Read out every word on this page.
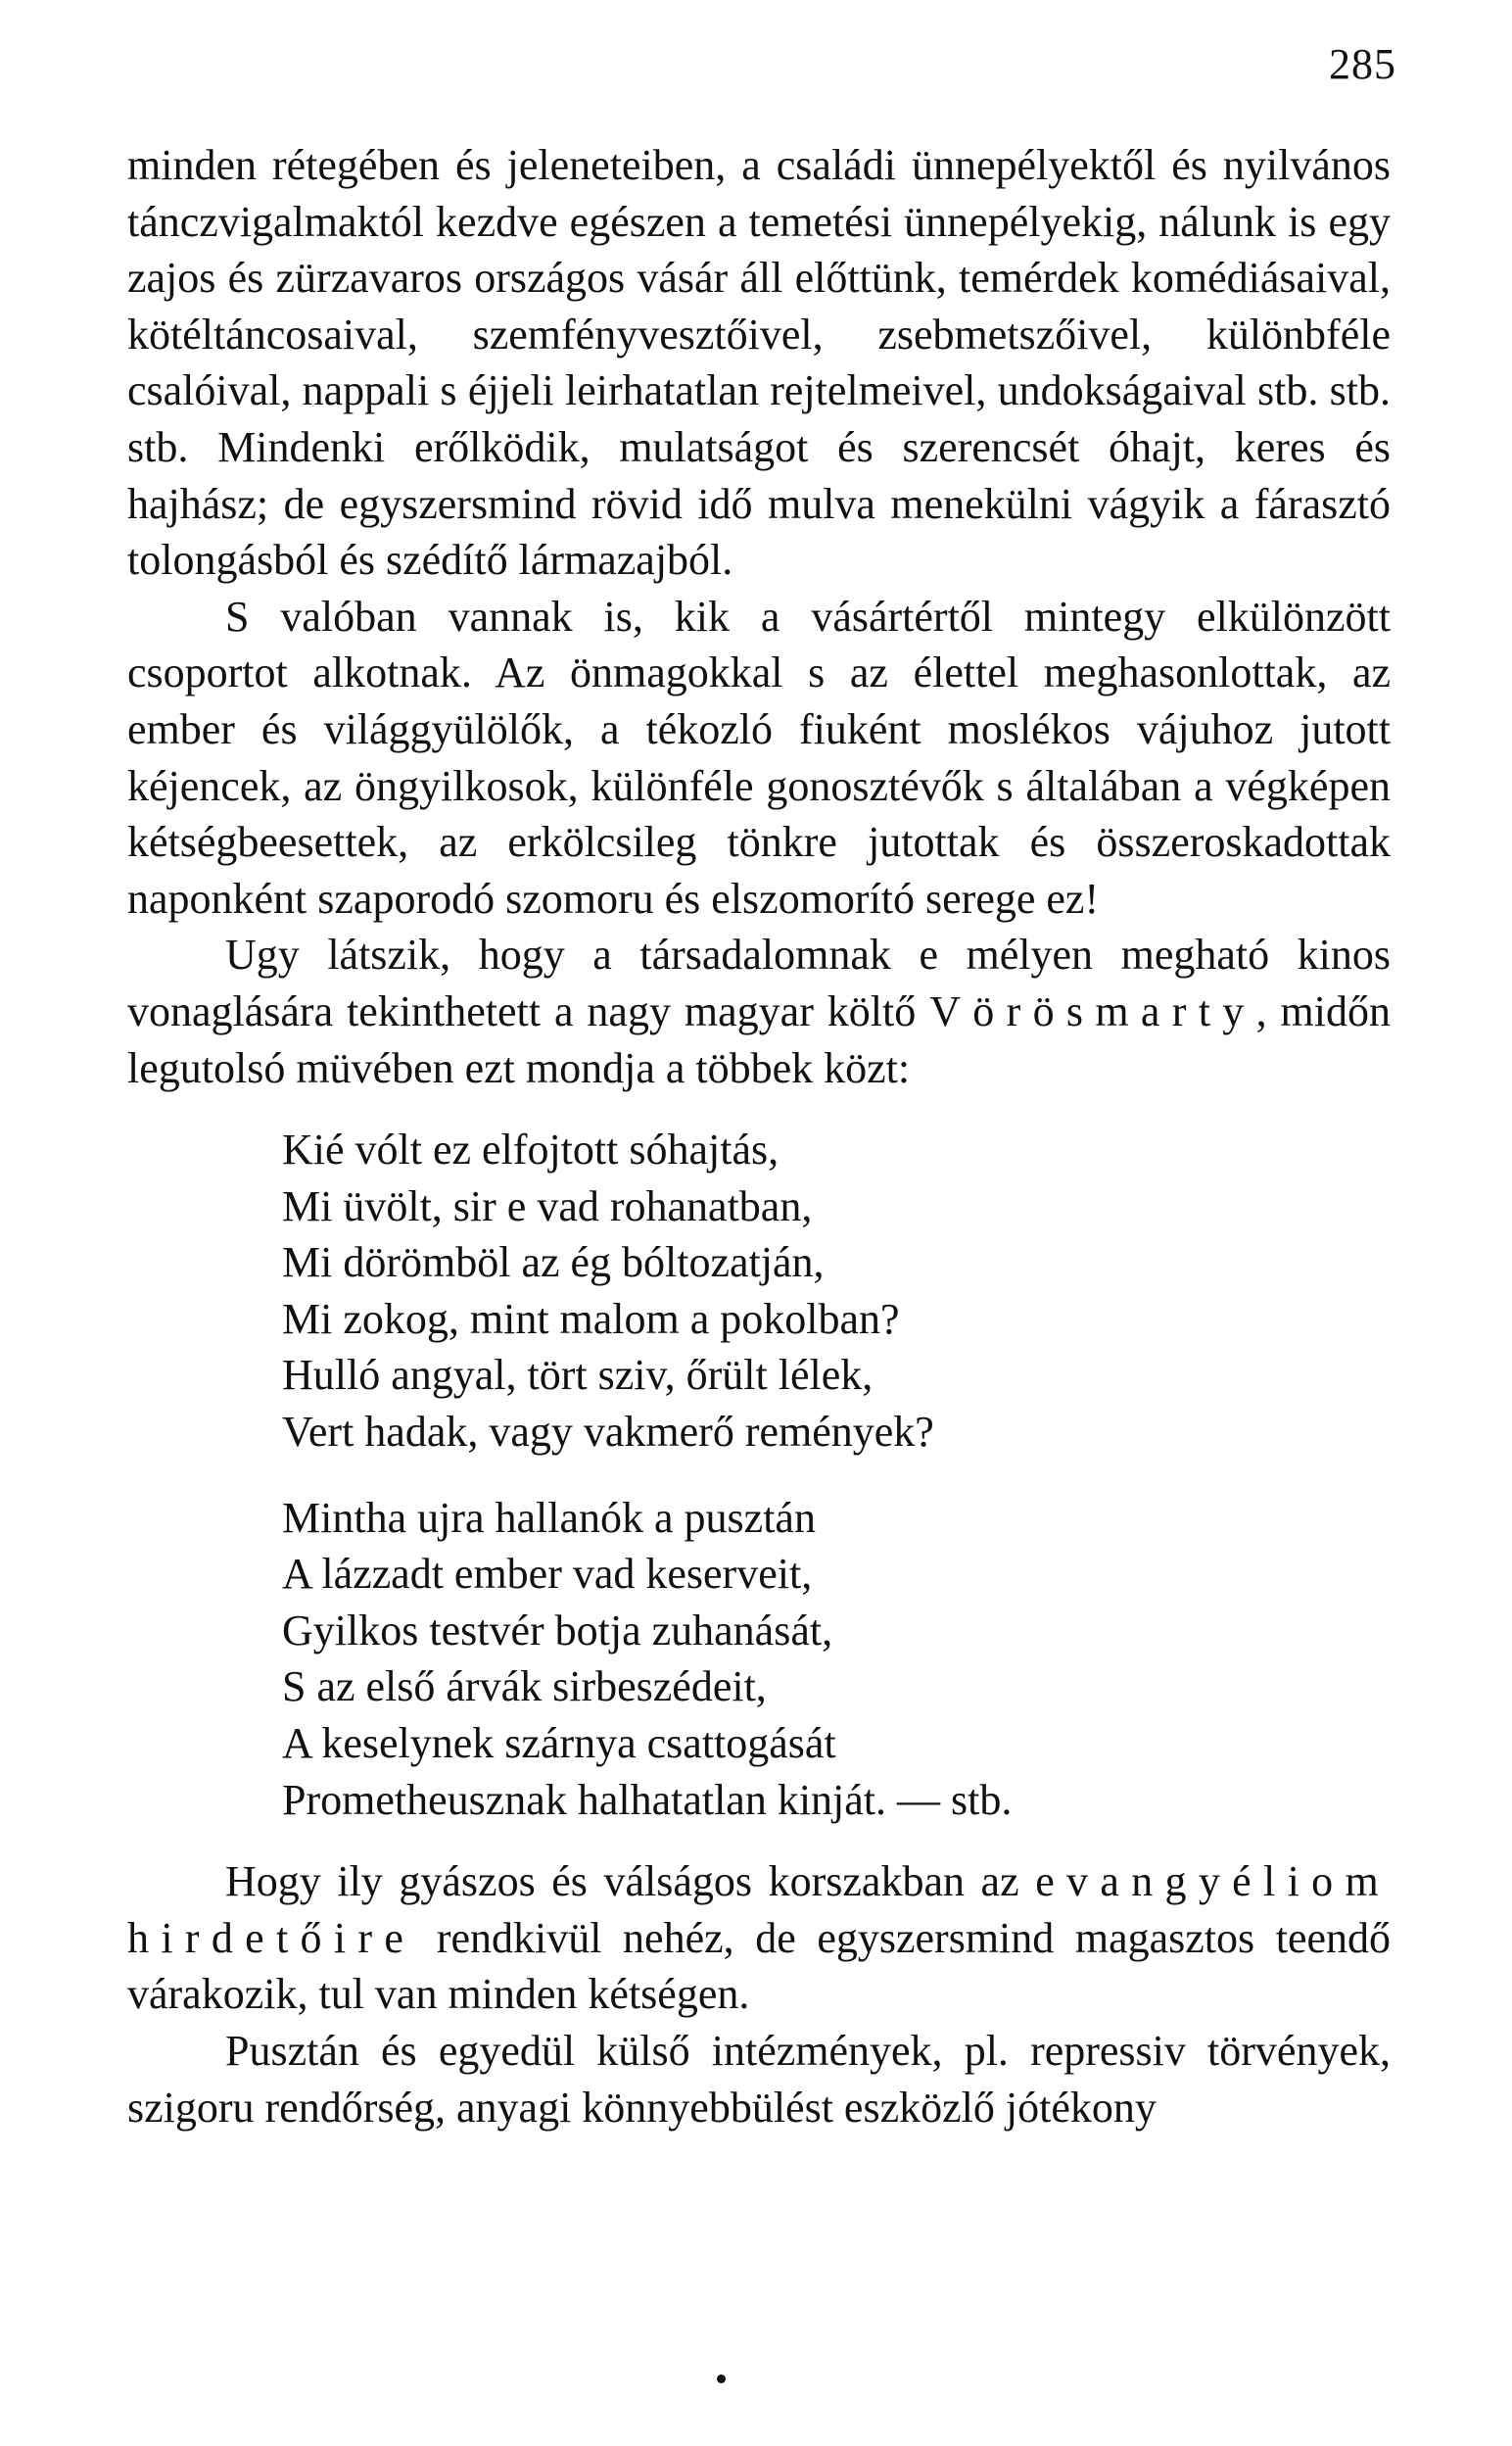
285

minden rétegében és jeleneteiben, a családi ünnepélyektől és nyilvános tánczvigalmaktól kezdve egészen a temetési ünnepélyekig, nálunk is egy zajos és zürzavaros országos vásár áll előttünk, temérdek komédiásaival, kötéltáncosaival, szemfényvesztőivel, zsebmetszőivel, különbféle csalóival, nappali s éjjeli leirhatatlan rejtelmeivel, undokságaival stb. stb. stb. Mindenki erőlködik, mulatságot és szerencsét óhajt, keres és hajhász; de egyszersmind rövid idő mulva menekülni vágyik a fárasztó tolongásból és szédítő lármazajból.

S valóban vannak is, kik a vásártértől mintegy elkülönzött csoportot alkotnak. Az önmagokkal s az élettel meghasonlottak, az ember és világgyülölők, a tékozló fiuként moslékos vájuhoz jutott kéjencek, az öngyilkosok, különféle gonosztévők s általában a végképen kétségbeesettek, az erkölcsileg tönkre jutottak és összeroskadottak naponként szaporodó szomoru és elszomorító serege ez!

Ugy látszik, hogy a társadalomnak e mélyen megható kinos vonaglására tekinthetett a nagy magyar költő Vörösmarty, midőn legutolsó müvében ezt mondja a többek közt:

Kié vólt ez elfojtott sóhajtás,
Mi üvölt, sir e vad rohanatban,
Mi dörömböl az ég bóltozatján,
Mi zokog, mint malom a pokolban?
Hulló angyal, tört sziv, őrült lélek,
Vert hadak, vagy vakmerő remények?
Mintha ujra hallanók a pusztán
A lázzadt ember vad keserveit,
Gyilkos testvér botja zuhanását,
S az első árvák sirbeszédeit,
A keselynek szárnya csattogását
Prometheusznak halhatatlan kinját. — stb.

Hogy ily gyászos és válságos korszakban az evangyéliom hirdetőire rendkivül nehéz, de egyszersmind magasztos teendő várakozik, tul van minden kétségen.

Pusztán és egyedül külső intézmények, pl. repressiv törvények, szigoru rendőrség, anyagi könnyebbülést eszközlő jótékony
